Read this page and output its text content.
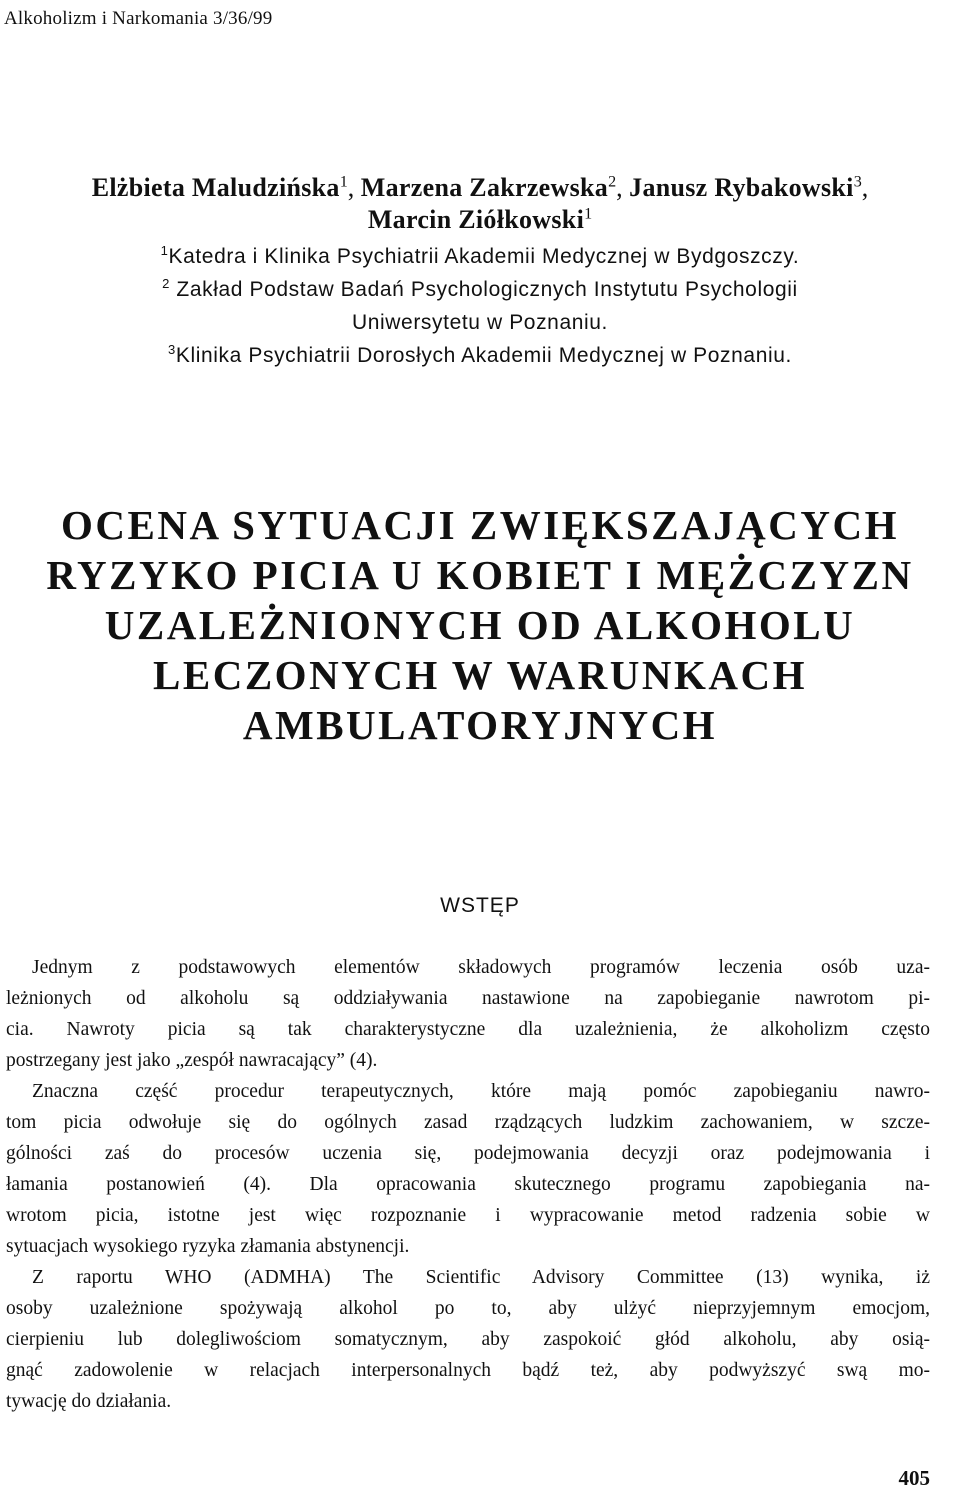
Alkoholizm i Narkomania 3/36/99
Elżbieta Maludzińska$^1$, Marzena Zakrzewska$^2$, Janusz Rybakowski$^3$,
Marcin Ziółkowski$^1$
$^1$Katedra i Klinika Psychiatrii Akademii Medycznej w Bydgoszczy.
$^2$ Zakład Podstaw Badań Psychologicznych Instytutu Psychologii
Uniwersytetu w Poznaniu.
$^3$Klinika Psychiatrii Dorosłych Akademii Medycznej w Poznaniu.
OCENA SYTUACJI ZWIĘKSZAJĄCYCH
RYZYKO PICIA U KOBIET I MĘŻCZYZN
UZALEŻNIONYCH OD ALKOHOLU
LECZONYCH W WARUNKACH
AMBULATORYJNYCH
WSTĘP
Jednym z podstawowych elementów składowych programów leczenia osób uza-
leżnionych od alkoholu są oddziaływania nastawione na zapobieganie nawrotom pi-
cia. Nawroty picia są tak charakterystyczne dla uzależnienia, że alkoholizm często
postrzegany jest jako „zespół nawracający” (4).
Znaczna część procedur terapeutycznych, które mają pomóc zapobieganiu nawro-
tom picia odwołuje się do ogólnych zasad rządzących ludzkim zachowaniem, w szcze-
gólności zaś do procesów uczenia się, podejmowania decyzji oraz podejmowania i
łamania postanowień (4). Dla opracowania skutecznego programu zapobiegania na-
wrotom picia, istotne jest więc rozpoznanie i wypracowanie metod radzenia sobie w
sytuacjach wysokiego ryzyka złamania abstynencji.
Z raportu WHO (ADMHA) The Scientific Advisory Committee (13) wynika, iż
osoby uzależnione spożywają alkohol po to, aby ulżyć nieprzyjemnym emocjom,
cierpieniu lub dolegliwościom somatycznym, aby zaspokoić głód alkoholu, aby osią-
gnąć zadowolenie w relacjach interpersonalnych bądź też, aby podwyższyć swą mo-
tywację do działania.
405
